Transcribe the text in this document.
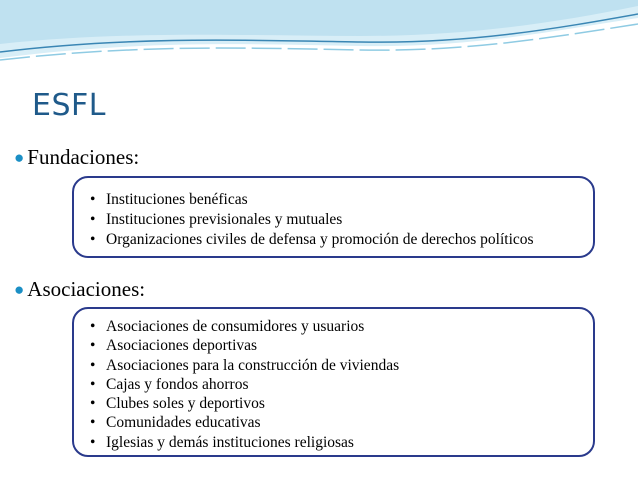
ESFL
● Fundaciones:
• Instituciones benéficas
• Instituciones previsionales y mutuales
• Organizaciones civiles de defensa y promoción de derechos políticos
● Asociaciones:
• Asociaciones de consumidores y usuarios
• Asociaciones deportivas
• Asociaciones para la construcción de viviendas
• Cajas y fondos ahorros
• Clubes soles y deportivos
• Comunidades educativas
• Iglesias y demás instituciones religiosas
